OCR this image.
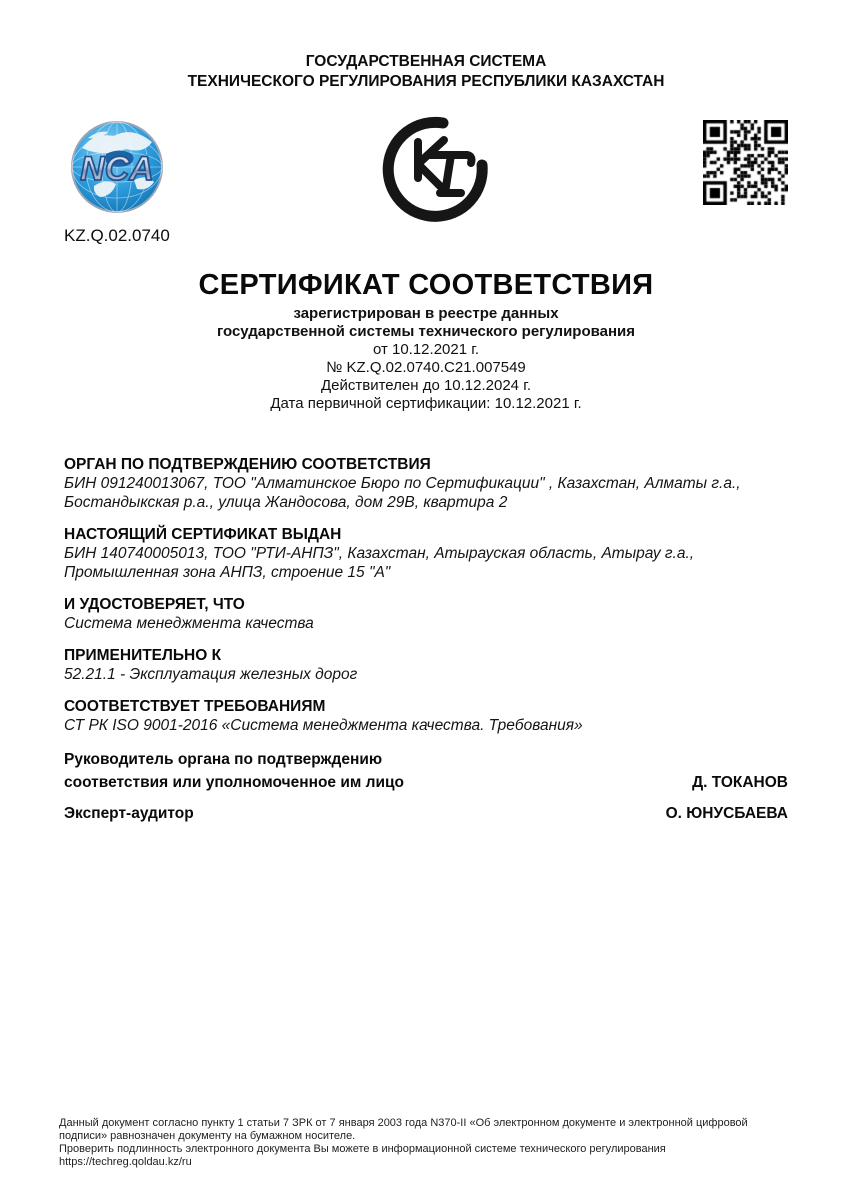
ГОСУДАРСТВЕННАЯ СИСТЕМА
ТЕХНИЧЕСКОГО РЕГУЛИРОВАНИЯ РЕСПУБЛИКИ КАЗАХСТАН
NCA
KZ.Q.02.0740
СЕРТИФИКАТ СООТВЕТСТВИЯ
зарегистрирован в реестре данных
государственной системы технического регулирования
от 10.12.2021 г.
№ KZ.Q.02.0740.C21.007549
Действителен до 10.12.2024 г.
Дата первичной сертификации: 10.12.2021 г.
ОРГАН ПО ПОДТВЕРЖДЕНИЮ СООТВЕТСТВИЯ
БИН 091240013067, ТОО "Алматинское Бюро по Сертификации" , Казахстан, Алматы г.а., Бостандыкская р.а., улица Жандосова, дом 29В, квартира 2
НАСТОЯЩИЙ СЕРТИФИКАТ ВЫДАН
БИН 140740005013, ТОО "РТИ-АНПЗ", Казахстан, Атырауская область, Атырау г.а., Промышленная зона АНПЗ, строение 15 "А"
И УДОСТОВЕРЯЕТ, ЧТО
Система менеджмента качества
ПРИМЕНИТЕЛЬНО К
52.21.1 - Эксплуатация железных дорог
СООТВЕТСТВУЕТ ТРЕБОВАНИЯМ
СТ РК ISO 9001-2016 «Система менеджмента качества. Требования»
Руководитель органа по подтверждению
соответствия или уполномоченное им лицо	Д. ТОКАНОВ
Эксперт-аудитор	О. ЮНУСБАЕВА
Данный документ согласно пункту 1 статьи 7 ЗРК от 7 января 2003 года N370-II «Об электронном документе и электронной цифровой
подписи» равнозначен документу на бумажном носителе.
Проверить подлинность электронного документа Вы можете в информационной системе технического регулирования
https://techreg.qoldau.kz/ru
